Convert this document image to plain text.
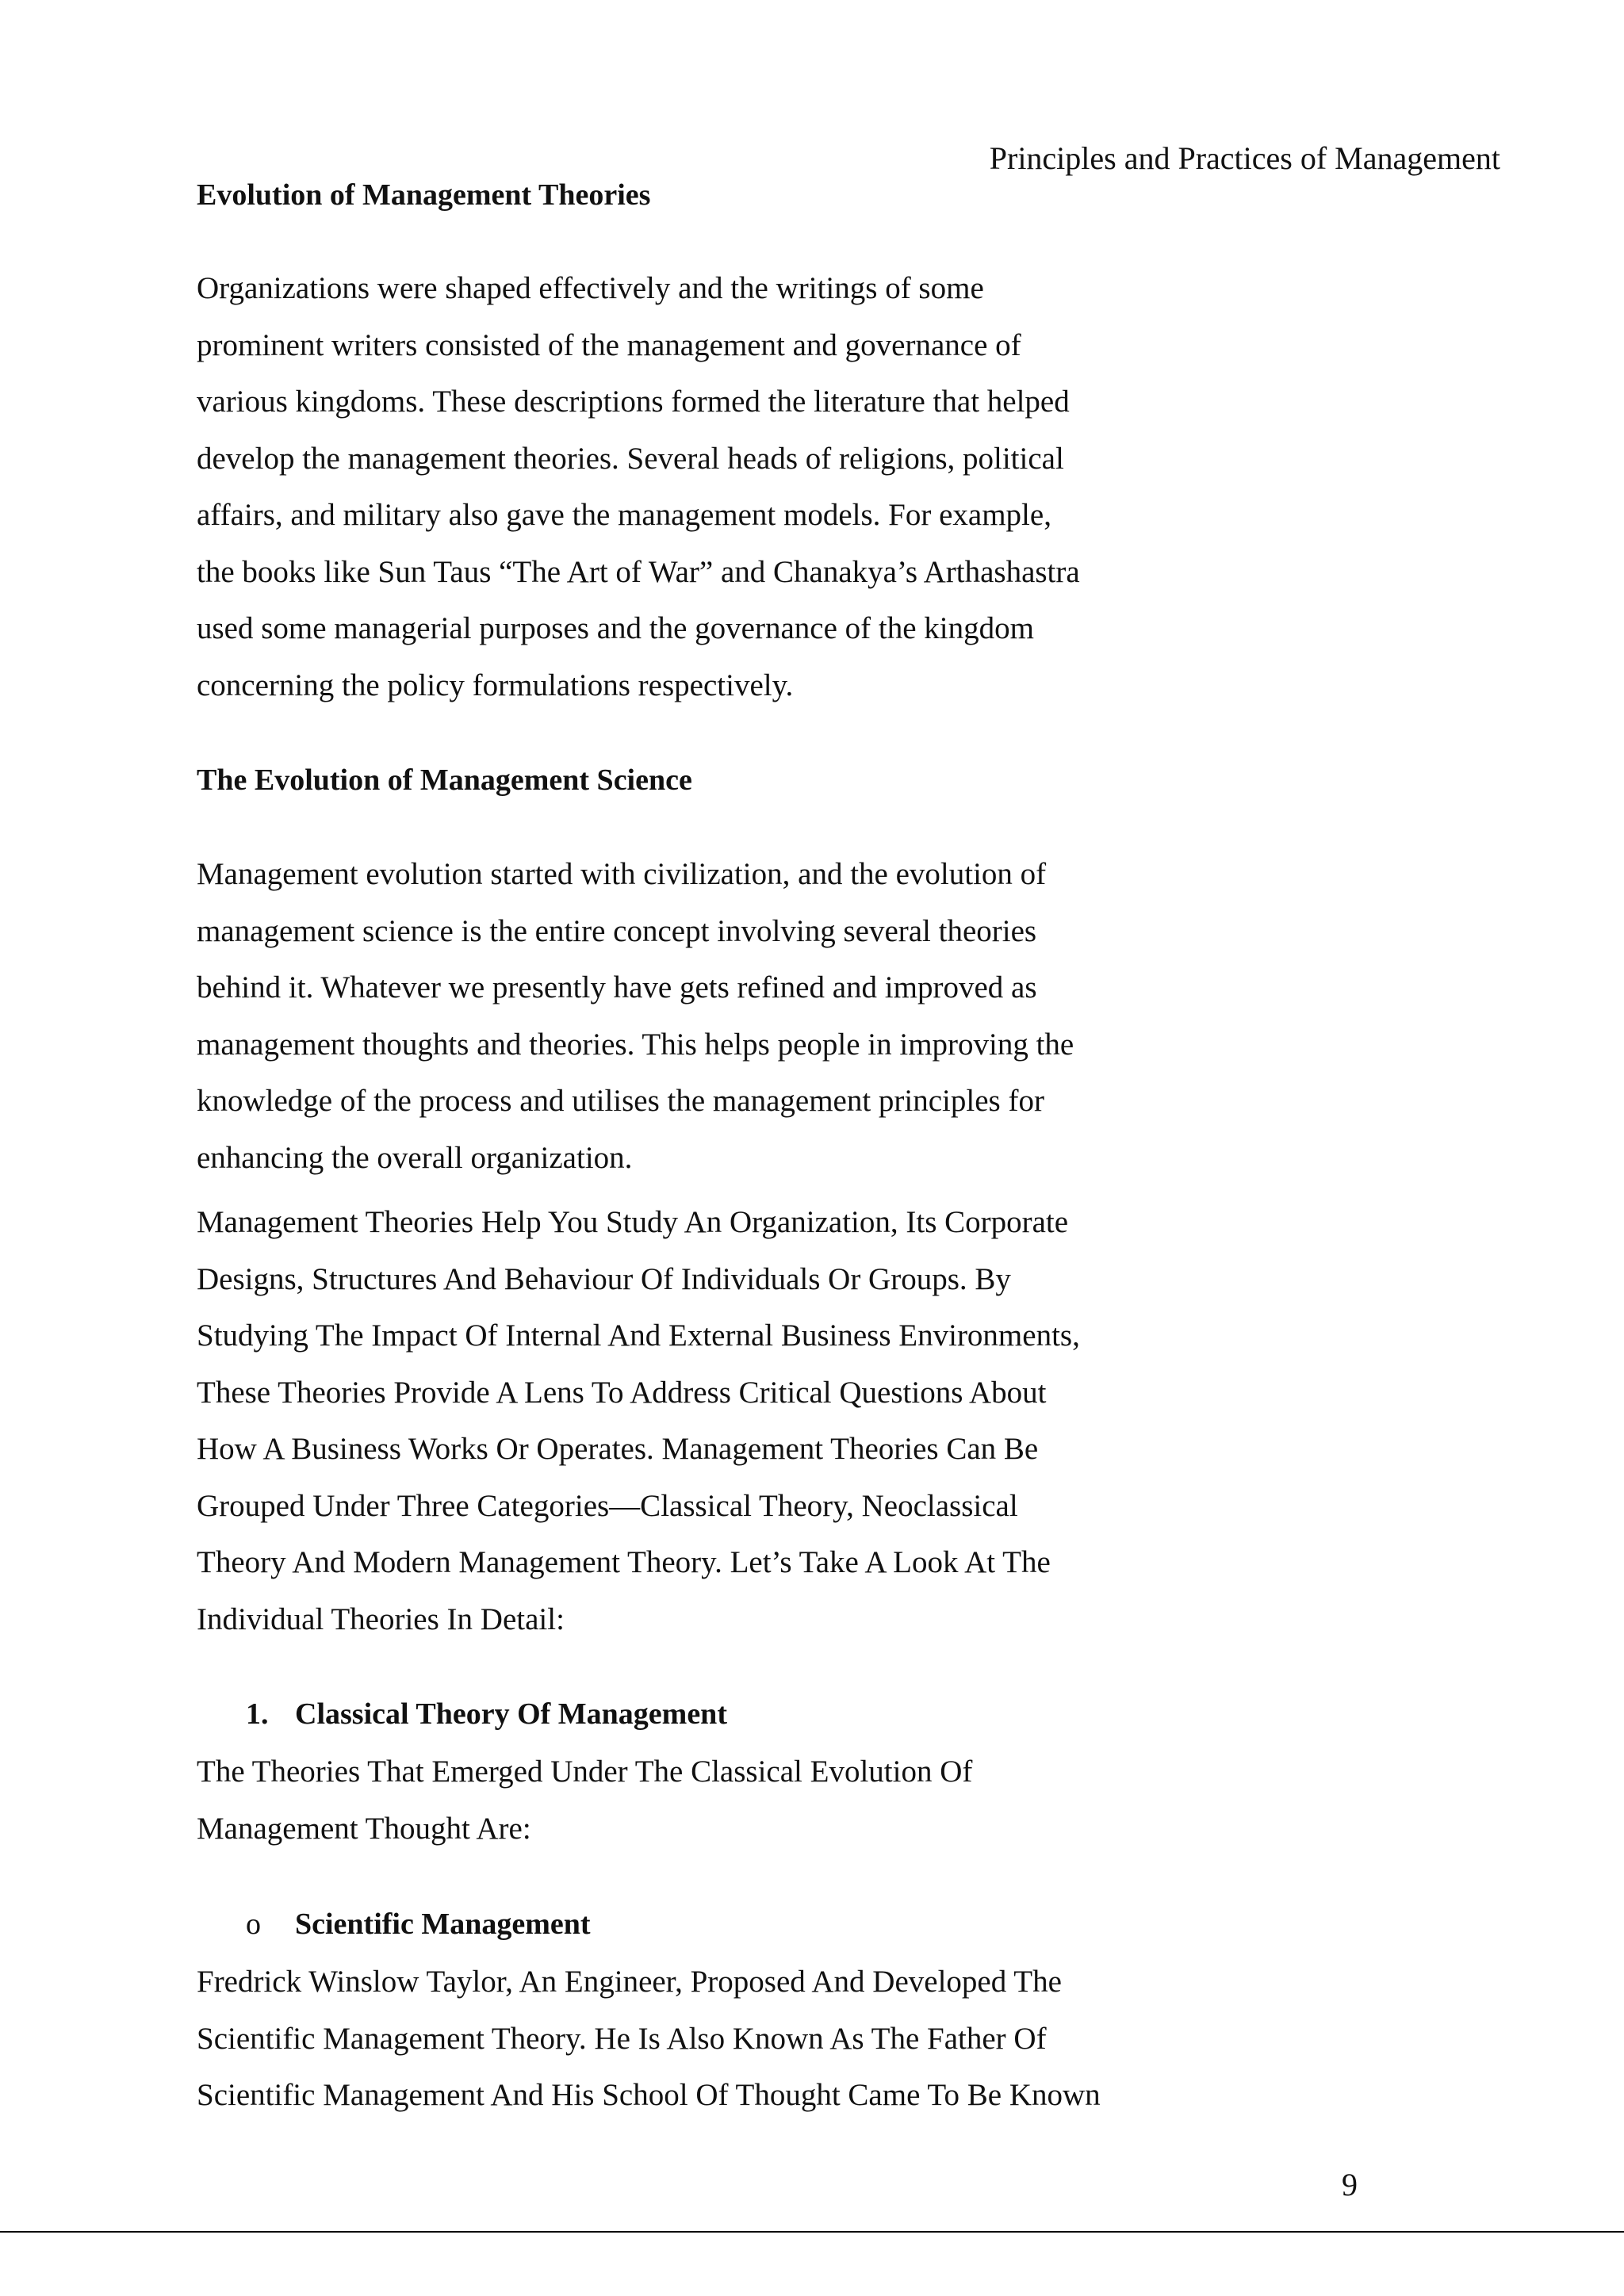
Principles and Practices of Management
Evolution of Management Theories

Organizations were shaped effectively and the writings of some
prominent writers consisted of the management and governance of
various kingdoms. These descriptions formed the literature that helped
develop the management theories. Several heads of religions, political
affairs, and military also gave the management models. For example,
the books like Sun Taus “The Art of War” and Chanakya’s Arthashastra
used some managerial purposes and the governance of the kingdom
concerning the policy formulations respectively.

The Evolution of Management Science

Management evolution started with civilization, and the evolution of
management science is the entire concept involving several theories
behind it. Whatever we presently have gets refined and improved as
management thoughts and theories. This helps people in improving the
knowledge of the process and utilises the management principles for
enhancing the overall organization.

Management Theories Help You Study An Organization, Its Corporate
Designs, Structures And Behaviour Of Individuals Or Groups. By
Studying The Impact Of Internal And External Business Environments,
These Theories Provide A Lens To Address Critical Questions About
How A Business Works Or Operates. Management Theories Can Be
Grouped Under Three Categories—Classical Theory, Neoclassical
Theory And Modern Management Theory. Let’s Take A Look At The
Individual Theories In Detail:

1. Classical Theory Of Management

The Theories That Emerged Under The Classical Evolution Of
Management Thought Are:

o	Scientific Management

Fredrick Winslow Taylor, An Engineer, Proposed And Developed The
Scientific Management Theory. He Is Also Known As The Father Of
Scientific Management And His School Of Thought Came To Be Known

9
